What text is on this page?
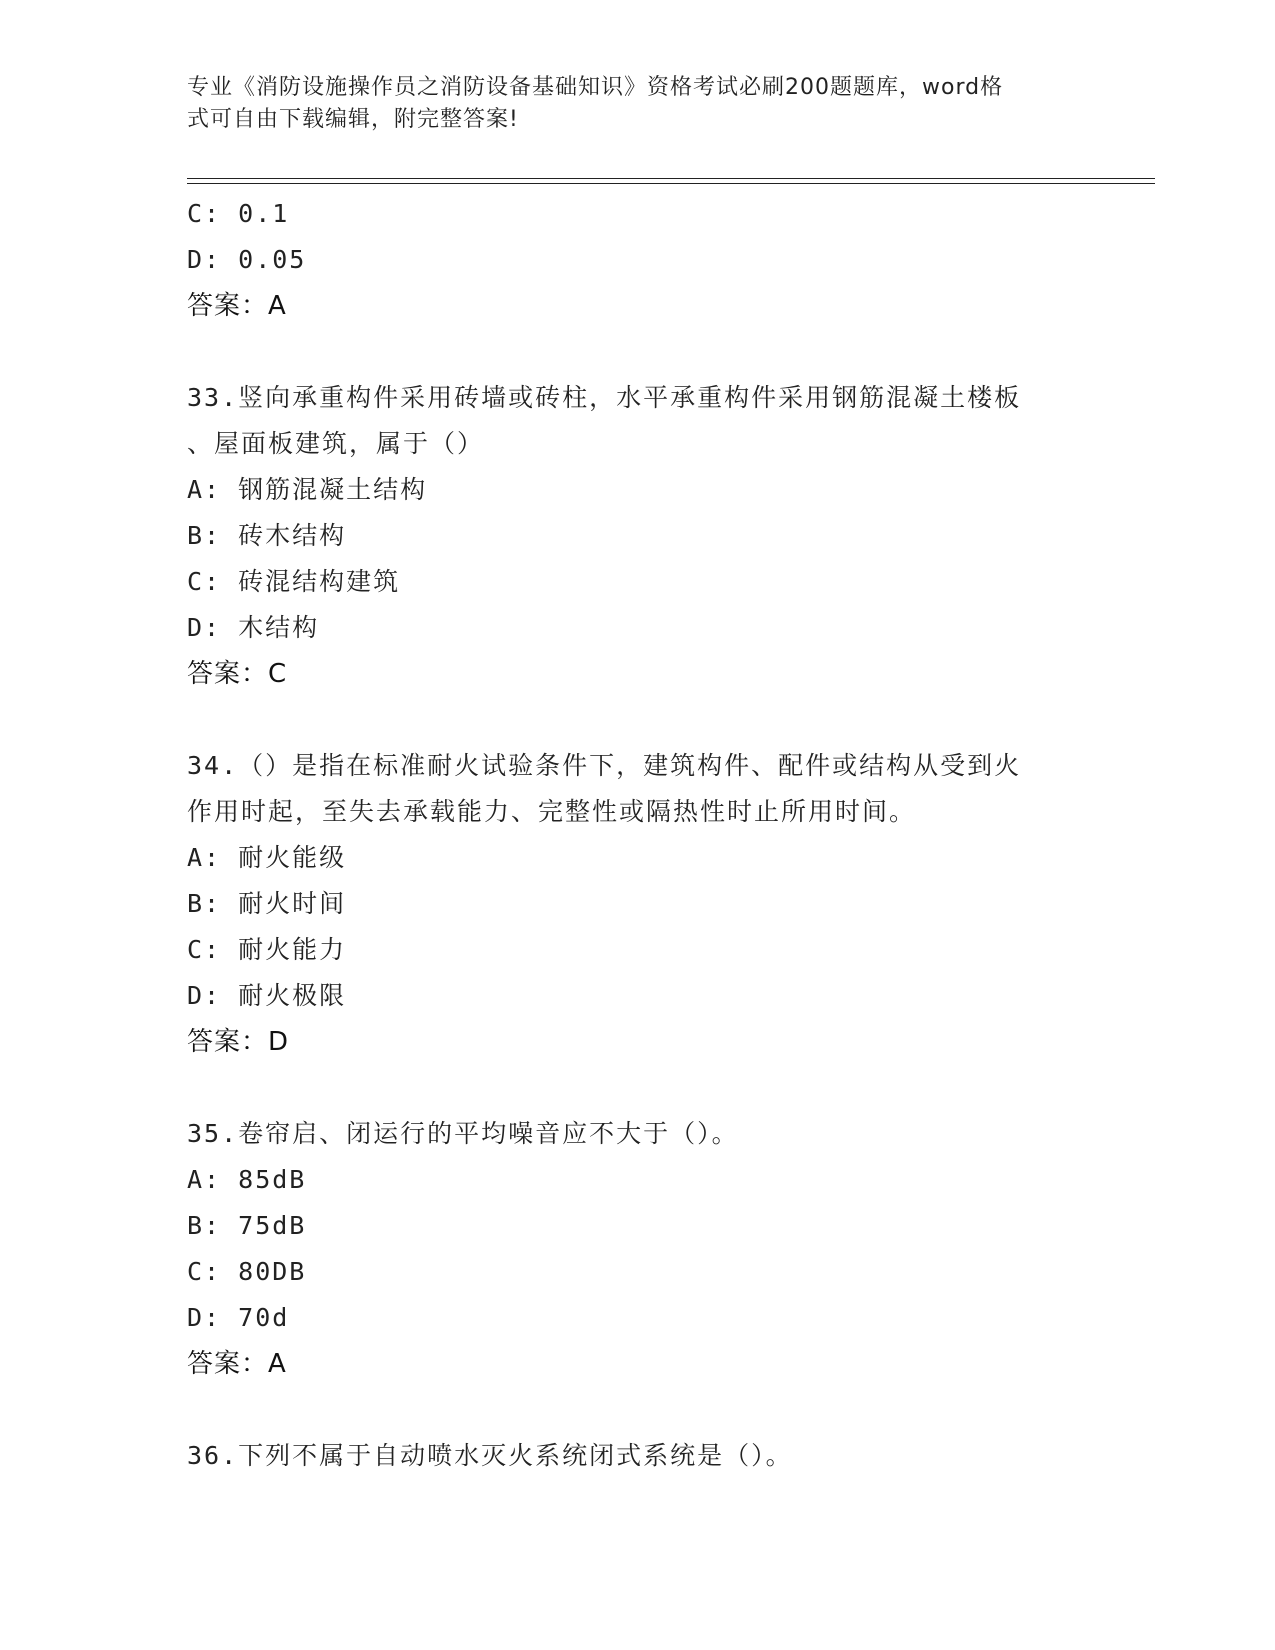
专业《消防设施操作员之消防设备基础知识》资格考试必刷200题题库，word格
式可自由下载编辑，附完整答案!
C: 0.1
D: 0.05
答案：A
33.竖向承重构件采用砖墙或砖柱，水平承重构件采用钢筋混凝土楼板
、屋面板建筑，属于（）
A: 钢筋混凝土结构
B: 砖木结构
C: 砖混结构建筑
D: 木结构
答案：C
34.（）是指在标准耐火试验条件下，建筑构件、配件或结构从受到火
作用时起，至失去承载能力、完整性或隔热性时止所用时间。
A: 耐火能级
B: 耐火时间
C: 耐火能力
D: 耐火极限
答案：D
35.卷帘启、闭运行的平均噪音应不大于（）。
A: 85dB
B: 75dB
C: 80DB
D: 70d
答案：A
36.下列不属于自动喷水灭火系统闭式系统是（）。
